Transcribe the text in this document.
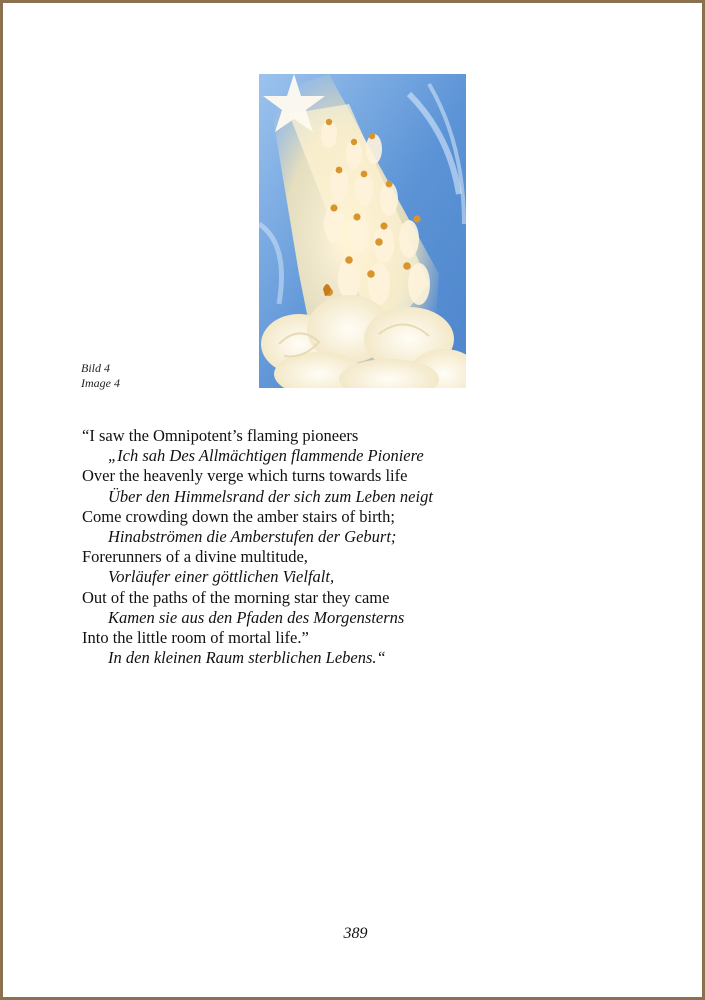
Bild 4
Image 4
“I saw the Omnipotent’s flaming pioneers
„Ich sah Des Allmächtigen flammende Pioniere
Over the heavenly verge which turns towards life
Über den Himmelsrand der sich zum Leben neigt
Come crowding down the amber stairs of birth;
Hinabströmen die Amberstufen der Geburt;
Forerunners of a divine multitude,
Vorläufer einer göttlichen Vielfalt,
Out of the paths of the morning star they came
Kamen sie aus den Pfaden des Morgensterns
Into the little room of mortal life.”
In den kleinen Raum sterblichen Lebens.“
389
